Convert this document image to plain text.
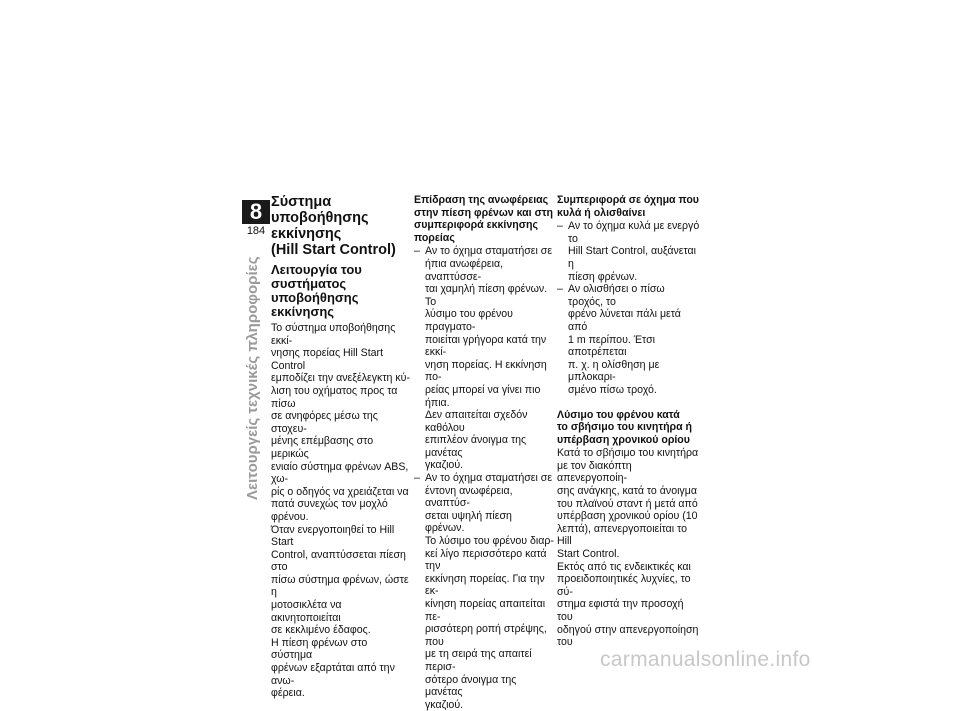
8
184
Λειτουργείς τεχνικές πληροφορίες
Σύστημα υποβοήθησης
εκκίνησης
(Hill Start Control)
Λειτουργία του
συστήματος υποβοήθησης
εκκίνησης
Το σύστημα υποβοήθησης εκκί-
νησης πορείας Hill Start Control
εμποδίζει την ανεξέλεγκτη κύ-
λιση του οχήματος προς τα πίσω
σε ανηφόρες μέσω της στοχευ-
μένης επέμβασης στο μερικώς
ενιαίο σύστημα φρένων ABS, χω-
ρίς ο οδηγός να χρειάζεται να
πατά συνεχώς τον μοχλό φρένου.
Όταν ενεργοποιηθεί το Hill Start
Control, αναπτύσσεται πίεση στο
πίσω σύστημα φρένων, ώστε η
μοτοσικλέτα να ακινητοποιείται
σε κεκλιμένο έδαφος.
Η πίεση φρένων στο σύστημα
φρένων εξαρτάται από την ανω-
φέρεια.
Επίδραση της ανωφέρειας
στην πίεση φρένων και στη
συμπεριφορά εκκίνησης
πορείας
– Αν το όχημα σταματήσει σε
ήπια ανωφέρεια, αναπτύσσε-
ται χαμηλή πίεση φρένων. Το
λύσιμο του φρένου πραγματο-
ποιείται γρήγορα κατά την εκκί-
νηση πορείας. Η εκκίνηση πο-
ρείας μπορεί να γίνει πιο ήπια.
Δεν απαιτείται σχεδόν καθόλου
επιπλέον άνοιγμα της μανέτας
γκαζιού.
– Αν το όχημα σταματήσει σε
έντονη ανωφέρεια, αναπτύσ-
σεται υψηλή πίεση φρένων.
Το λύσιμο του φρένου διαρ-
κεί λίγο περισσότερο κατά την
εκκίνηση πορείας. Για την εκ-
κίνηση πορείας απαιτείται πε-
ρισσότερη ροπή στρέψης, που
με τη σειρά της απαιτεί περισ-
σότερο άνοιγμα της μανέτας
γκαζιού.
Συμπεριφορά σε όχημα που
κυλά ή ολισθαίνει
– Αν το όχημα κυλά με ενεργό το
Hill Start Control, αυξάνεται η
πίεση φρένων.
– Αν ολισθήσει ο πίσω τροχός, το
φρένο λύνεται πάλι μετά από
1 m περίπου. Έτσι αποτρέπεται
π. χ. η ολίσθηση με μπλοκαρι-
σμένο πίσω τροχό.
Λύσιμο του φρένου κατά
το σβήσιμο του κινητήρα ή
υπέρβαση χρονικού ορίου
Κατά το σβήσιμο του κινητήρα
με τον διακόπτη απενεργοποίη-
σης ανάγκης, κατά το άνοιγμα
του πλαϊνού σταντ ή μετά από
υπέρβαση χρονικού ορίου (10
λεπτά), απενεργοποιείται το Hill
Start Control.
Εκτός από τις ενδεικτικές και
προειδοποιητικές λυχνίες, το σύ-
στημα εφιστά την προσοχή του
οδηγού στην απενεργοποίηση του
carmanualsonline.info
